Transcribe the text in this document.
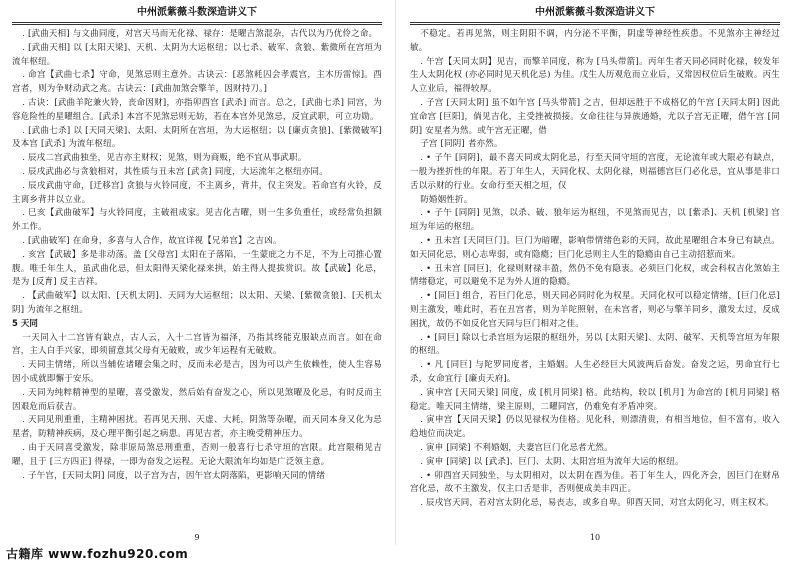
中州派紫薇斗数深造讲义下

. [武曲天相] 与文曲同度，对宫天马而无化禄、禄存：是曜吉煞混杂，古代以为乃优伶之命。

. [武曲天相] 以 [太阳天梁]、天机、太阴为大运枢纽；以七杀、破军、贪狼、紫微所在宫垣为流年枢纽。

. 命宫【武曲七杀】守命，见煞忌则主意外。古诀云：[恶煞耗囚会孝震宫，主木历雷惊]。酉宫者，则为争财动武之兆。古诀云：[武曲加煞会擎羊，因财持刀。]

. 古诀：[武曲羊陀兼火铃，丧命因财]，亦指卯酉宫 [武杀] 而言。总之，[武曲七杀] 同宫，为容危险性的星曜组合。[武杀] 本宫不见煞忌则无妨，若在本宫外见煞忌，反宜武职，可立功勋。

. [武曲七杀] 以 [天同天梁]、太阳、太阴所在宫垣，为大运枢纽；以 [廉贞贪狼]、[紫微破军] 及本宫 [武杀] 为流年枢纽。

. 辰戌二宫武曲独坐，见吉亦主财权；见煞，则为商贩，绝不宜从事武职。

. 辰戌武曲必与贪狼相对，其性质与丑未宫 [武贪] 同度，大运流年之枢纽亦同。

. 辰戌武曲守命，[迁移宫] 贪狼与火铃同度，不主离乡，背井，仅主突发。若命宫有火铃，反主离乡背井以立业。

. 巳亥【武曲破军】与火铃同度，主破祖成家。见吉化吉曜，则一生多负重任，或经常负担额外工作。

. [武曲破军] 在命身，多喜与人合作，故宜详视【兄弟宫】之吉凶。

. 亥宫【武破】多是非动荡。盖 [父母宫] 太阳在子落陷，一生蒙庇之力不足，不为上司推心置腹。唯壬年生人，虽武曲化忌，但太阳得天梁化禄来拱，始主得人提拔赏识。故【武破】化忌，是为 [反育] 反主吉祥。

. 【武曲破军】以太阳、[天机太阴]、天同为大运枢纽；以太阳、天梁、[紫微贪狼]、[天机太阴] 为流年之枢纽。

5 天同

一天同入十二宫皆有缺点，古人云，入十二宫皆为福泽，乃指其终能克服缺点而言。如在命宫，主人白手兴家，即须留意其父母有无破败，或少年运程有无破败。

. 天同主情绪，所以当辅佐诸曜会集之时，反而未必是吉，因为可以产生依赖性，使人生容易因小成就即懈于安乐。

. 天同为纯粹精神型的星曜，喜受激发，然后始有奋发之心，所以见煞曜及化忌，有时反而主因艰危而后获吉。

. 天同见刑重重，主精神困扰。若再见天刑、天虚、大耗，阴煞等杂曜，而天同本身又化为忌星者，防精神疾病，及心理平衡引起之病患。再见吉者，亦主晚受精神压力。

. 由于天同喜受激发，除非原局煞忌刑重重，否则一般喜行七杀守垣的宫限。此宫限稍见吉曜，且于 [三方四正] 得禄，一即为奋发之运程。无论大限流年均如是广泛领主意。

. 子午宫，[天同太阴] 同度，以子宫为吉，因午宫太阴落陷，更影响天同的情绪

9
中州派紫薇斗数深造讲义下

不稳定。若再见煞，则主阴阳不调，内分泌不平衡，阴虚等神经性疾患。不见煞亦主神经过敏。

. 午宫【天同太阴】见吉，而擎羊同度，称为 [马头带箭]。丙年生者天同必同时化禄，较发年生人太阴化权 (亦必同时见天机化忌) 为佳。戊生人历观危而立业后，又常因权位后生破败。丙生人立业后，福得较厚。

. 子宫 [天同太阴] 虽不如午宫 [马头带箭] 之吉，但却远胜于不成格亿的午宫 [天同太阴] 因此宜命宫 [巨阳]，倘见吉化，主受挫被损接。女命往往与异族通婚，尤以子宫无正曜，借午宫 [同阴] 安星者为然。或午宫无正曜，借

子宫 [同阴] 者亦然。

. • 子午 [同阴]，最不喜天同或太阴化忌，行至天同守垣的宫度，无论流年或大限必有缺点，一般为挫折性的年限。若丁年生人，天同化权、太阴化禄，则福德宫巨门必化忌，宜从事是非口舌以示财的行业。女命行至天相之垣，仅

防婚姻性折。

. • 子午 [同阴] 见煞，以杀、破、狼年运为枢纽，不见煞而见吉，以 [紫杀]、天机 [机梁] 宫垣为年运的枢纽。

. • 丑未宫 [天同巨门]。巨门为暗曜，影响带情绪色彩的天同，故此星曜组合本身已有缺点。如天同化忌，则心志卑弱，或有隐瘾；巨门化忌则主人生的隐瘾由自己主动招惹而来。

. • 丑未宫 [同巨]，化禄则财禄丰盈，然仍不免有隐衷。必须巨门化权，或会科权吉化煞始主情绪稳定，可以避免不足为外人道的隐瘾。

. • [同巨] 组合，若巨门化忌，则天同必同时化为权星。天同化权可以稳定情绪，[巨门化忌] 则主激发，唯此时，若在丑宫者，则为羊陀照射，在未宫者，则必与擎羊同乡，激发太过，反成困扰，故仍不如反化宫天同与巨门相对之佳。

. • [同巨] 除以七杀宫垣为运限的枢纽外，另以 [太阳天梁]、太阴、破军、天机等宫垣为年限的枢纽。

. • 凡 [同巨] 与陀罗同度者，主婚姻。人生必经巨大风波两后奋发。奋发之运，男命宜行七杀，女命宜行 [廉贞天府]。

. 寅申宫 [天同天梁] 同度，成 [机月同梁] 格。此结构，较以 [机月] 为命宫的 [机月同梁] 格稳定。唯天同主情绪，梁主原则，二曜同宫，仍难免有矛盾冲突。

. 寅申宫【天同天梁】仍以见禄权为佳格。见化科，则漂清贵，有相当地位，但不富有，收入趋地位而决定。

. 寅申 [同梁] 不利婚姻，夫妻宫巨门化忌者尤然。

. 寅申 [同梁] 以 [武杀]、巨门、太阴、太阳宫垣为流年大运的枢纽。

. • 卯酉宫天同独坐，与太阴相对，以太阴在酉为佳。若丁年生人，四化齐会，因巨门在财帛宫化忌，故不主激发，仅主口舌是非，否则便成美丰四正。

. 辰戌宫天同，若对宫太阴化忌，易丧志，或多自卑。卯酉天同，对宫太阴化习，则主权术。

10
古籍库 www.fozhu920.com
